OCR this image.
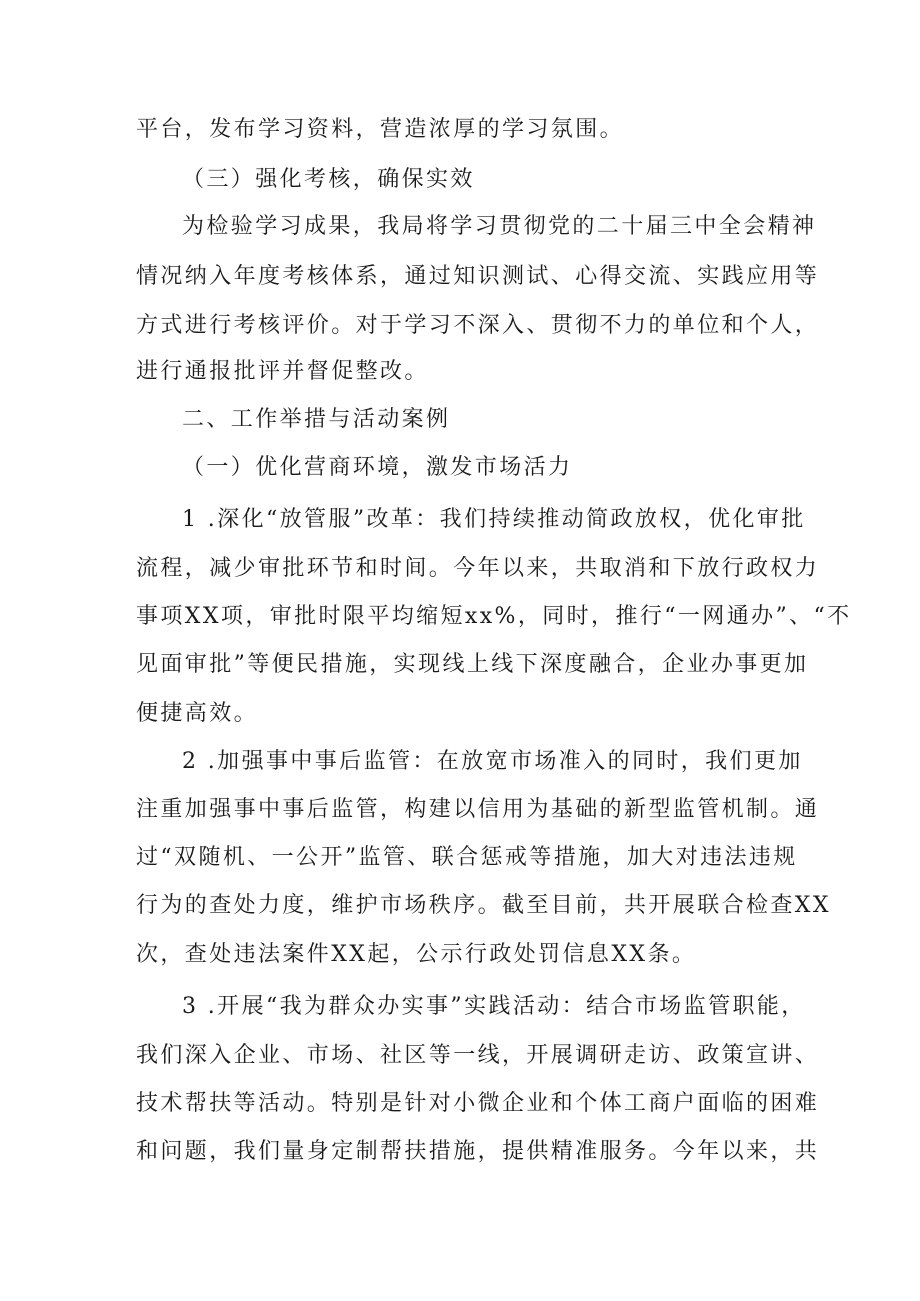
平台，发布学习资料，营造浓厚的学习氛围。
（三）强化考核，确保实效
为检验学习成果，我局将学习贯彻党的二十届三中全会精神
情况纳入年度考核体系，通过知识测试、心得交流、实践应用等
方式进行考核评价。对于学习不深入、贯彻不力的单位和个人，
进行通报批评并督促整改。
二、工作举措与活动案例
（一）优化营商环境，激发市场活力
1 .深化“放管服”改革：我们持续推动简政放权，优化审批
流程，减少审批环节和时间。今年以来，共取消和下放行政权力
事项XX项，审批时限平均缩短xx%，同时，推行“一网通办”、“不
见面审批”等便民措施，实现线上线下深度融合，企业办事更加
便捷高效。
2 .加强事中事后监管：在放宽市场准入的同时，我们更加
注重加强事中事后监管，构建以信用为基础的新型监管机制。通
过“双随机、一公开”监管、联合惩戒等措施，加大对违法违规
行为的查处力度，维护市场秩序。截至目前，共开展联合检查XX
次，查处违法案件XX起，公示行政处罚信息XX条。
3 .开展“我为群众办实事”实践活动：结合市场监管职能，
我们深入企业、市场、社区等一线，开展调研走访、政策宣讲、
技术帮扶等活动。特别是针对小微企业和个体工商户面临的困难
和问题，我们量身定制帮扶措施，提供精准服务。今年以来，共
